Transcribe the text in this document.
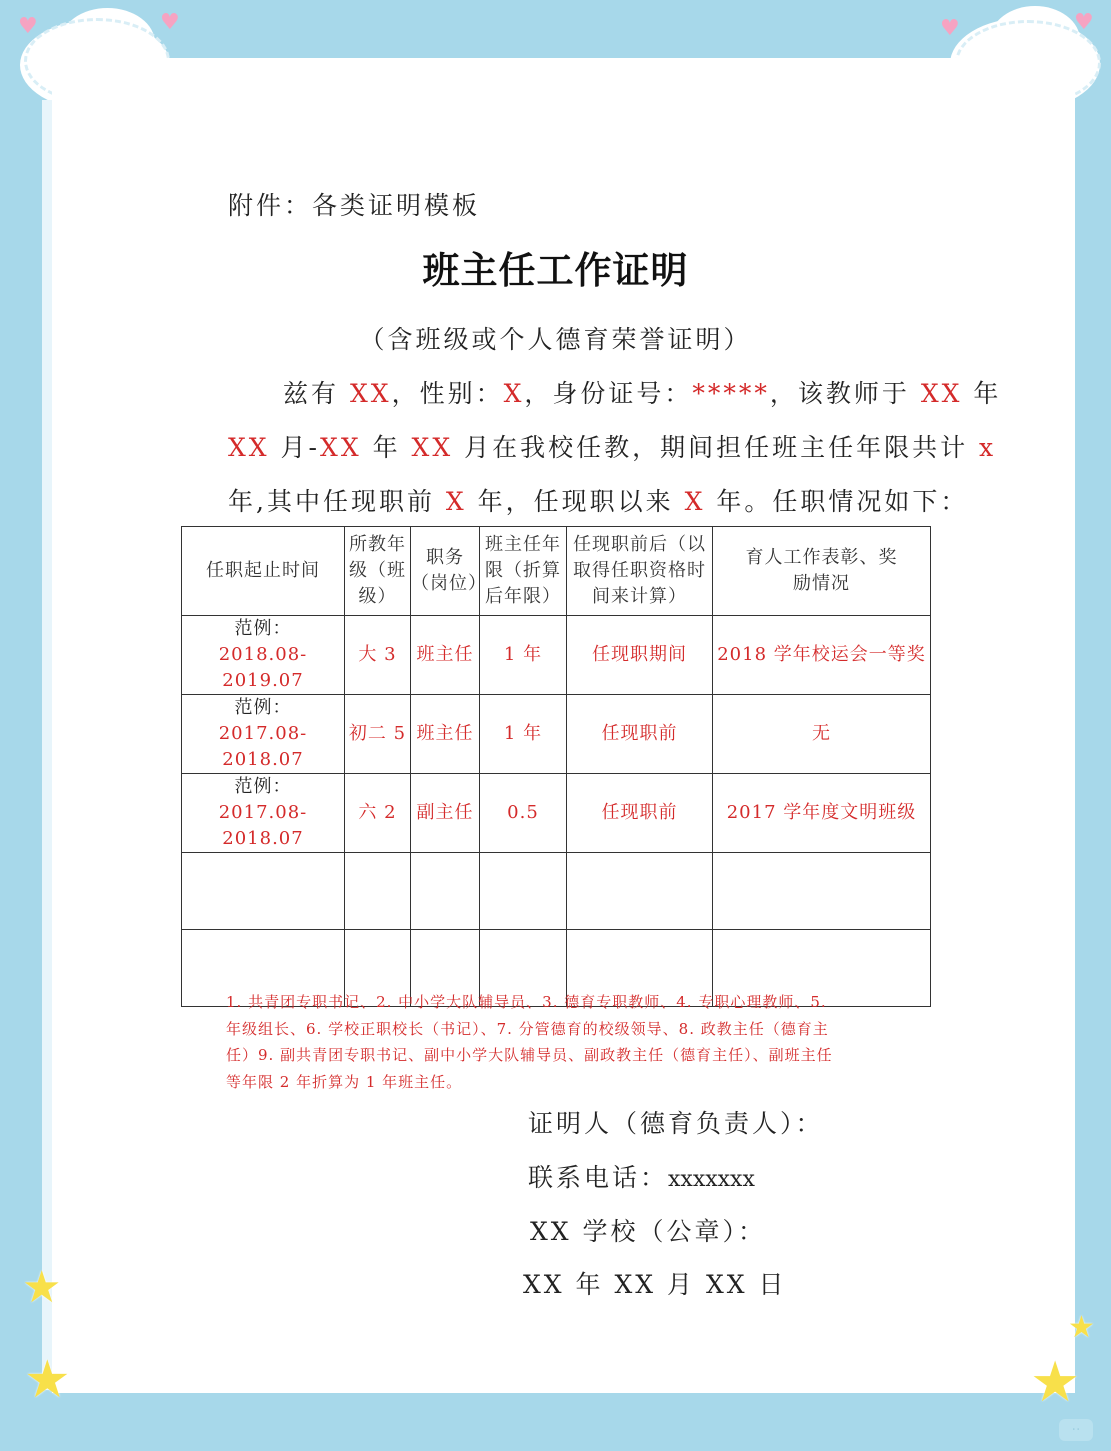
♥	♥	♥	♥
★
★
★
★
附件：各类证明模板
班主任工作证明
（含班级或个人德育荣誉证明）
兹有 XX，性别：X，身份证号：*****，该教师于 XX 年
XX 月-XX 年 XX 月在我校任教，期间担任班主任年限共计 x
年,其中任现职前 X 年，任现职以来 X 年。任职情况如下：
任职起止时间	所教年级（班级）	职务（岗位）	班主任年限（折算后年限）	任现职前后（以取得任职资格时间来计算）	育人工作表彰、奖励情况

范例：
2018.08-2019.07	大 3	班主任	1 年	任现职期间	2018 学年校运会一等奖

范例：
2017.08-2018.07	初二 5	班主任	1 年	任现职前	无

范例：
2017.08-2018.07	六 2	副主任	0.5	任现职前	2017 学年度文明班级

1. 共青团专职书记、2. 中小学大队辅导员、3. 德育专职教师、4. 专职心理教师、5. 年级组长、6. 学校正职校长（书记）、7. 分管德育的校级领导、8. 政教主任（德育主任）9. 副共青团专职书记、副中小学大队辅导员、副政教主任（德育主任）、副班主任等年限 2 年折算为 1 年班主任。
证明人（德育负责人）：
联系电话：xxxxxxx
XX 学校（公章）：
XX 年 XX 月 XX 日
··
